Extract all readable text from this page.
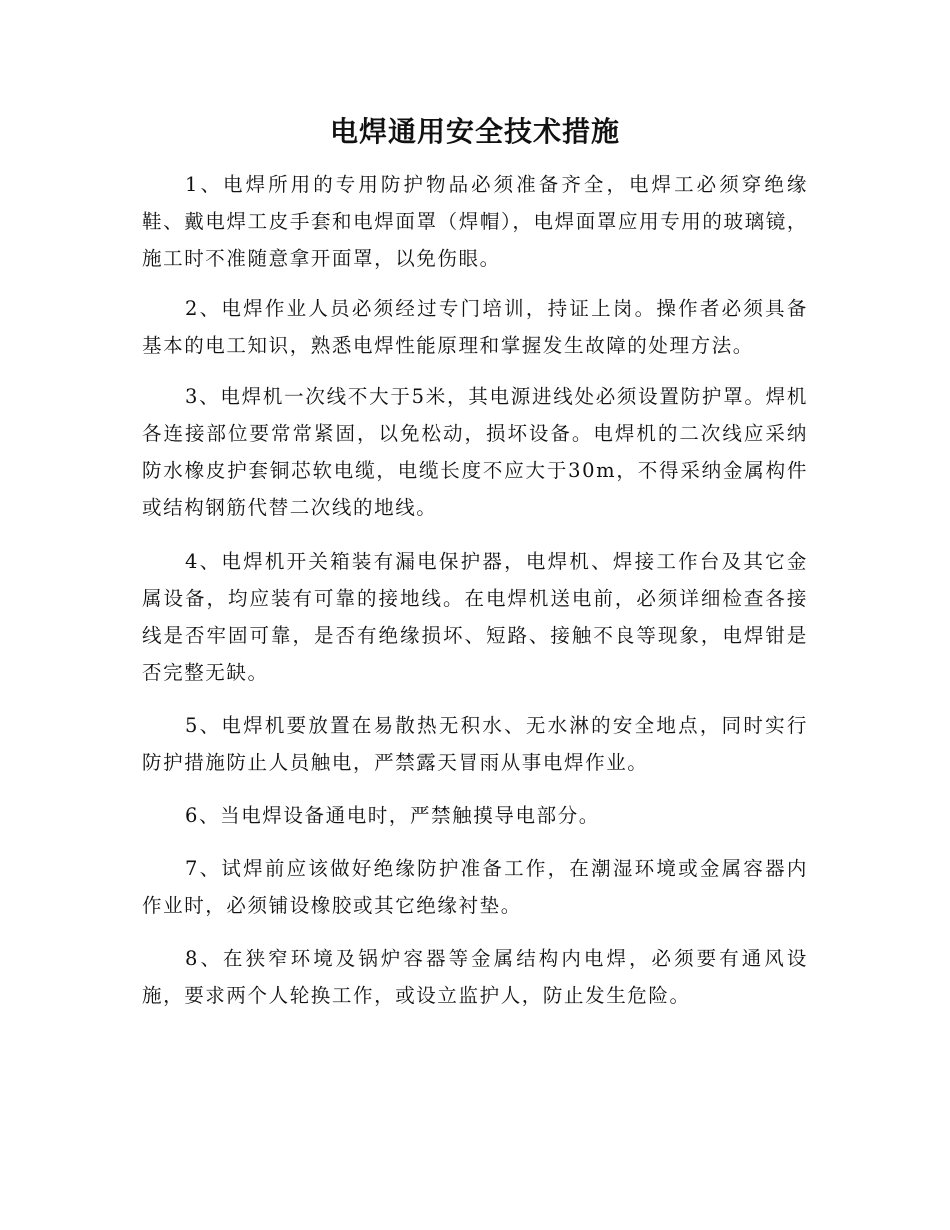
电焊通用安全技术措施

1、电焊所用的专用防护物品必须准备齐全，电焊工必须穿绝缘鞋、戴电焊工皮手套和电焊面罩（焊帽），电焊面罩应用专用的玻璃镜，施工时不准随意拿开面罩，以免伤眼。

2、电焊作业人员必须经过专门培训，持证上岗。操作者必须具备基本的电工知识，熟悉电焊性能原理和掌握发生故障的处理方法。

3、电焊机一次线不大于5米，其电源进线处必须设置防护罩。焊机各连接部位要常常紧固，以免松动，损坏设备。电焊机的二次线应采纳防水橡皮护套铜芯软电缆，电缆长度不应大于30m，不得采纳金属构件或结构钢筋代替二次线的地线。

4、电焊机开关箱装有漏电保护器，电焊机、焊接工作台及其它金属设备，均应装有可靠的接地线。在电焊机送电前，必须详细检查各接线是否牢固可靠，是否有绝缘损坏、短路、接触不良等现象，电焊钳是否完整无缺。

5、电焊机要放置在易散热无积水、无水淋的安全地点，同时实行防护措施防止人员触电，严禁露天冒雨从事电焊作业。

6、当电焊设备通电时，严禁触摸导电部分。

7、试焊前应该做好绝缘防护准备工作，在潮湿环境或金属容器内作业时，必须铺设橡胶或其它绝缘衬垫。

8、在狭窄环境及锅炉容器等金属结构内电焊，必须要有通风设施，要求两个人轮换工作，或设立监护人，防止发生危险。
